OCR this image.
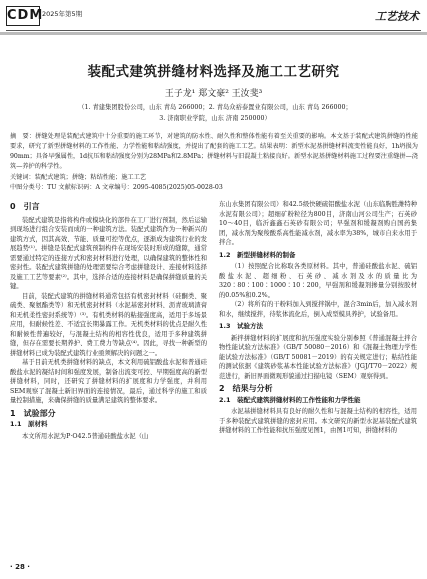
CDM
2025年第5期	工艺技术
装配式建筑拼缝材料选择及施工工艺研究
王子龙¹ 郑文豪² 王汝斐³
（1. 青建集团股份公司，山东 青岛 266000；2. 青岛众裕泰置业有限公司，山东 青岛 266000；
3. 济南职业学院，山东 济南 250000）
摘　要：拼缝处理是装配式建筑中十分重要的施工环节，对建筑的防水性、耐久性和整体性能有着至关重要的影响。本文基于装配式建筑拼缝的性能要求，研究了新型拼缝材料的工作性能、力学性能和粘结强度，并提出了配套的施工工艺。结果表明：新型水泥基拼缝材料流变性能良好，1h坍损为90mm；具备早强属性，1d抗压和粘结强度分别为28MPa和2.8MPa；拼缝材料与旧混凝土粘接良好。新型水泥基拼缝材料施工过程要注重缝拼—浇筑—养护的科学性。
关键词：装配式建筑；拼缝；粘结性能；施工工艺
中图分类号：TU 文献标识码：A 文章编号：2095-4085(2025)05-0028-03
0　引言

装配式建筑是指将构件或模块化的部件在工厂进行预制，然后运输到现场进行组合安装而成的一种建筑方法。装配式建筑作为一种新兴的建筑方式，因其高效、节能、质量可控等优点，逐渐成为建筑行业的发展趋势⁽¹⁾。拼缝是装配式建筑预制构件在现场安装时形成的缝隙，通常需要通过特定的连接方式和密封材料进行处理，以确保建筑的整体性和密封性。装配式建筑拼缝的处理需要综合考虑拼缝设计、连接材料选择及施工工艺等要素⁽²⁾。其中，选择合适的连接材料是确保拼缝质量的关键。

目前，装配式建筑的拼缝材料通常包括有机密封材料（硅酮类、聚硫类、聚氨酯类等）和无机密封材料（水泥基密封材料、沥青玻璃渣膏和无机柔性密封系统等）⁽³⁾。有机类材料的粘接强度高，适用于多场景应用，但耐候性差、不适宜长期暴露工作。无机类材料的优点是耐久性和耐候性普遍较好，与混凝土结构的相容性优良，适用于多种建筑拼缝，但存在需要长期养护、费工费力等缺点⁽⁴⁾。因此，寻找一种新型的拼缝材料已成为装配式建筑行业亟须解决的问题之一。

基于目前无机类拼缝材料的缺点，本文利用硫铝酸盐水泥和普通硅酸盐水泥的凝结时间和强度发展，制备出流变可控、早期强度高的新型拼缝材料，同时，还研究了拼缝材料的扩展度和力学强度，并利用SEM观察了混凝土新旧界面的连接情况，最后，通过科学的施工和质量控制措施，来确保拼缝的质量满足建筑的整体要求。

1　试验部分
1.1　原材料

本文所用水泥为P·O42.5普通硅酸盐水泥（山

东山水集团有限公司）和42.5级快硬硫铝酸盐水泥（山东临朐胜潍特种水泥有限公司）；超细矿粉粒径为800目，济南山河公司生产；石英砂10～40目，临沂鑫鑫石英砂有限公司；早强剂和缓凝剂购自国药集团，减水剂为聚羧酸系高性能减水剂，减水率为38%，城市自来水用于拌合。

1.2　新型拼缝材料的制备

（1）按照配合比称取各类原材料。其中，普通硅酸盐水泥、硫铝酸盐水泥、超细粉、石英砂、减水剂及水的质量比为320∶80∶100∶1000∶10∶200，早强剂和缓凝剂掺量分别按胶材的0.05%和0.2%。

（2）将所有的干粉料加入到搅拌锅中，混合3min后，加入减水剂和水，继续搅拌，待浆体流化后，倒入成型模具养护，试验备用。

1.3　试验方法

新拌拼缝材料的扩展度和抗压强度实验分别参照《普通混凝土拌合物性能试验方法标准》（GB/T 50080－2016）和《混凝土物理力学性能试验方法标准》（GB/T 50081－2019）的有关规定进行；粘结性能的测试依据《建筑砂浆基本性能试验方法标准》（JGJ/T70－2022）规范进行，新旧界面微观形貌通过扫描电镜（SEM）观察得到。

2　结果与分析
2.1　装配式建筑拼缝材料的工作性能和力学性能

水泥基拼缝材料具有良好的耐久性和与混凝土结构的相容性，适用于多种装配式建筑拼缝的密封应用。本文研究的新型水泥基装配式建筑拼缝材料的工作性能和抗压强度见图1，由图1可知，拼缝材料的

· 28 ·
